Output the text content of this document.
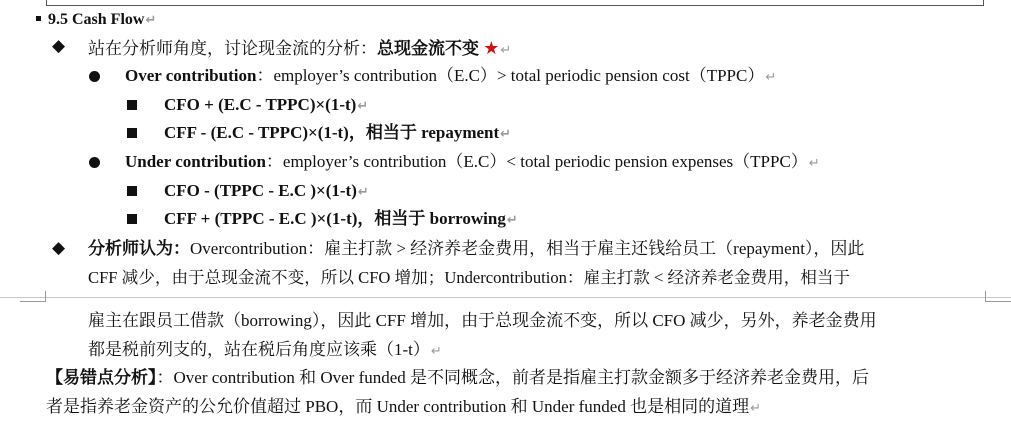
9.5 Cash Flow↵
◆ 站在分析师角度，讨论现金流的分析：总现金流不变 ★↵
Over contribution：employer’s contribution（E.C）> total periodic pension cost（TPPC）↵
CFO + (E.C - TPPC)×(1-t)↵
CFF - (E.C - TPPC)×(1-t)，相当于 repayment↵
Under contribution：employer’s contribution（E.C）< total periodic pension expenses（TPPC）↵
CFO - (TPPC - E.C )×(1-t)↵
CFF + (TPPC - E.C )×(1-t)，相当于 borrowing↵
◆ 分析师认为：Overcontribution：雇主打款 > 经济养老金费用，相当于雇主还钱给员工（repayment），因此
CFF 减少，由于总现金流不变，所以 CFO 增加；Undercontribution：雇主打款 < 经济养老金费用，相当于
雇主在跟员工借款（borrowing），因此 CFF 增加，由于总现金流不变，所以 CFO 减少，另外，养老金费用
都是税前列支的，站在税后角度应该乘（1-t）↵
【易错点分析】：Over contribution 和 Over funded 是不同概念，前者是指雇主打款金额多于经济养老金费用，后
者是指养老金资产的公允价值超过 PBO，而 Under contribution 和 Under funded 也是相同的道理↵
